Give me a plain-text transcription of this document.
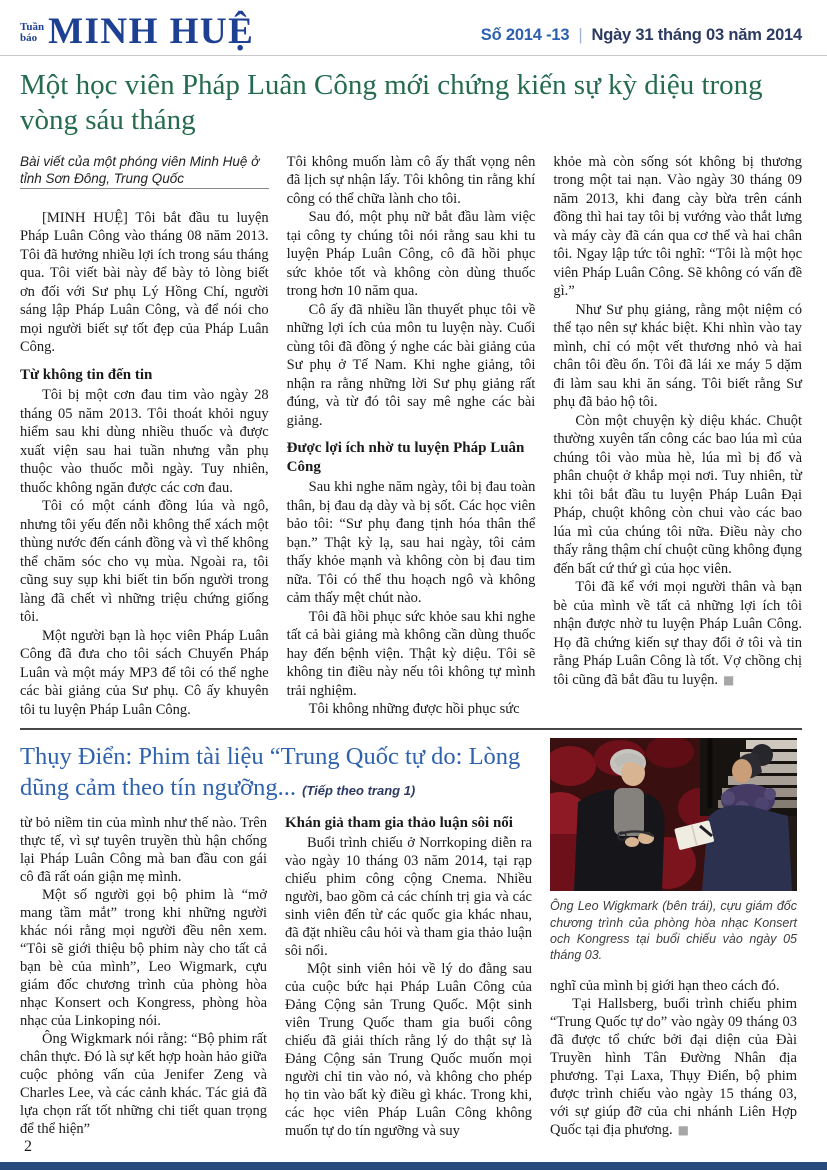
Tuần
báo MINH HUỆ	Số 2014 -13 | Ngày 31 tháng 03 năm 2014
Một học viên Pháp Luân Công mới chứng kiến sự kỳ diệu trong vòng sáu tháng

Bài viết của một phóng viên Minh Huệ ở tỉnh Sơn Đông, Trung Quốc

[MINH HUỆ] Tôi bắt đầu tu luyện Pháp Luân Công vào tháng 08 năm 2013. Tôi đã hưởng nhiều lợi ích trong sáu tháng qua. Tôi viết bài này để bày tỏ lòng biết ơn đối với Sư phụ Lý Hồng Chí, người sáng lập Pháp Luân Công, và để nói cho mọi người biết sự tốt đẹp của Pháp Luân Công.

Từ không tin đến tin

Tôi bị một cơn đau tim vào ngày 28 tháng 05 năm 2013. Tôi thoát khỏi nguy hiểm sau khi dùng nhiều thuốc và được xuất viện sau hai tuần nhưng vẫn phụ thuộc vào thuốc mỗi ngày. Tuy nhiên, thuốc không ngăn được các cơn đau.

Tôi có một cánh đồng lúa và ngô, nhưng tôi yếu đến nỗi không thể xách một thùng nước đến cánh đồng và vì thế không thể chăm sóc cho vụ mùa. Ngoài ra, tôi cũng suy sụp khi biết tin bốn người trong làng đã chết vì những triệu chứng giống tôi.

Một người bạn là học viên Pháp Luân Công đã đưa cho tôi sách Chuyển Pháp Luân và một máy MP3 để tôi có thể nghe các bài giảng của Sư phụ. Cô ấy khuyên tôi tu luyện Pháp Luân Công.

Tôi không muốn làm cô ấy thất vọng nên đã lịch sự nhận lấy. Tôi không tin rằng khí công có thể chữa lành cho tôi.

Sau đó, một phụ nữ bắt đầu làm việc tại công ty chúng tôi nói rằng sau khi tu luyện Pháp Luân Công, cô đã hồi phục sức khỏe tốt và không còn dùng thuốc trong hơn 10 năm qua.

Cô ấy đã nhiều lần thuyết phục tôi về những lợi ích của môn tu luyện này. Cuối cùng tôi đã đồng ý nghe các bài giảng của Sư phụ ở Tế Nam. Khi nghe giảng, tôi nhận ra rằng những lời Sư phụ giảng rất đúng, và từ đó tôi say mê nghe các bài giảng.

Được lợi ích nhờ tu luyện Pháp Luân Công

Sau khi nghe năm ngày, tôi bị đau toàn thân, bị đau dạ dày và bị sốt. Các học viên bảo tôi: “Sư phụ đang tịnh hóa thân thể bạn.” Thật kỳ lạ, sau hai ngày, tôi cảm thấy khỏe mạnh và không còn bị đau tim nữa. Tôi có thể thu hoạch ngô và không cảm thấy mệt chút nào.

Tôi đã hồi phục sức khỏe sau khi nghe tất cả bài giảng mà không cần dùng thuốc hay đến bệnh viện. Thật kỳ diệu. Tôi sẽ không tin điều này nếu tôi không tự mình trải nghiệm.

Tôi không những được hồi phục sức

khỏe mà còn sống sót không bị thương trong một tai nạn. Vào ngày 30 tháng 09 năm 2013, khi đang cày bừa trên cánh đồng thì hai tay tôi bị vướng vào thắt lưng và máy cày đã cán qua cơ thể và hai chân tôi. Ngay lập tức tôi nghĩ: “Tôi là một học viên Pháp Luân Công. Sẽ không có vấn đề gì.”

Như Sư phụ giảng, rằng một niệm có thể tạo nên sự khác biệt. Khi nhìn vào tay mình, chỉ có một vết thương nhỏ và hai chân tôi đều ổn. Tôi đã lái xe máy 5 dặm đi làm sau khi ăn sáng. Tôi biết rằng Sư phụ đã bảo hộ tôi.

Còn một chuyện kỳ diệu khác. Chuột thường xuyên tấn công các bao lúa mì của chúng tôi vào mùa hè, lúa mì bị đổ và phân chuột ở khắp mọi nơi. Tuy nhiên, từ khi tôi bắt đầu tu luyện Pháp Luân Đại Pháp, chuột không còn chui vào các bao lúa mì của chúng tôi nữa. Điều này cho thấy rằng thậm chí chuột cũng không đụng đến bất cứ thứ gì của học viên.

Tôi đã kể với mọi người thân và bạn bè của mình về tất cả những lợi ích tôi nhận được nhờ tu luyện Pháp Luân Công. Họ đã chứng kiến sự thay đổi ở tôi và tin rằng Pháp Luân Công là tốt. Vợ chồng chị tôi cũng đã bắt đầu tu luyện. ■

Thụy Điển: Phim tài liệu “Trung Quốc tự do: Lòng dũng cảm theo tín ngưỡng... (Tiếp theo trang 1)

từ bỏ niềm tin của mình như thế nào. Trên thực tế, vì sự tuyên truyền thù hận chống lại Pháp Luân Công mà ban đầu con gái cô đã rất oán giận mẹ mình.

Một số người gọi bộ phim là “mở mang tầm mắt” trong khi những người khác nói rằng mọi người đều nên xem. “Tôi sẽ giới thiệu bộ phim này cho tất cả bạn bè của mình”, Leo Wigmark, cựu giám đốc chương trình của phòng hòa nhạc Konsert och Kongress, phòng hòa nhạc của Linkoping nói.

Ông Wigkmark nói rằng: “Bộ phim rất chân thực. Đó là sự kết hợp hoàn hảo giữa cuộc phỏng vấn của Jenifer Zeng và Charles Lee, và các cảnh khác. Tác giả đã lựa chọn rất tốt những chi tiết quan trọng để thể hiện”

Khán giả tham gia thảo luận sôi nổi

Buổi trình chiếu ở Norrkoping diễn ra vào ngày 10 tháng 03 năm 2014, tại rạp chiếu phim công cộng Cnema. Nhiều người, bao gồm cả các chính trị gia và các sinh viên đến từ các quốc gia khác nhau, đã đặt nhiều câu hỏi và tham gia thảo luận sôi nổi.

Một sinh viên hỏi về lý do đằng sau của cuộc bức hại Pháp Luân Công của Đảng Cộng sản Trung Quốc. Một sinh viên Trung Quốc tham gia buổi công chiếu đã giải thích rằng lý do thật sự là Đảng Cộng sản Trung Quốc muốn mọi người chỉ tin vào nó, và không cho phép họ tin vào bất kỳ điều gì khác. Trong khi, các học viên Pháp Luân Công không muốn tự do tín ngưỡng và suy

Ông Leo Wigkmark (bên trái), cựu giám đốc chương trình của phòng hòa nhạc Konsert och Kongress tại buổi chiếu vào ngày 05 tháng 03.

nghĩ của mình bị giới hạn theo cách đó.

Tại Hallsberg, buổi trình chiếu phim “Trung Quốc tự do” vào ngày 09 tháng 03 đã được tổ chức bởi đại diện của Đài Truyền hình Tân Đường Nhân địa phương. Tại Laxa, Thụy Điển, bộ phim được trình chiếu vào ngày 15 tháng 03, với sự giúp đỡ của chi nhánh Liên Hợp Quốc tại địa phương. ■

2
